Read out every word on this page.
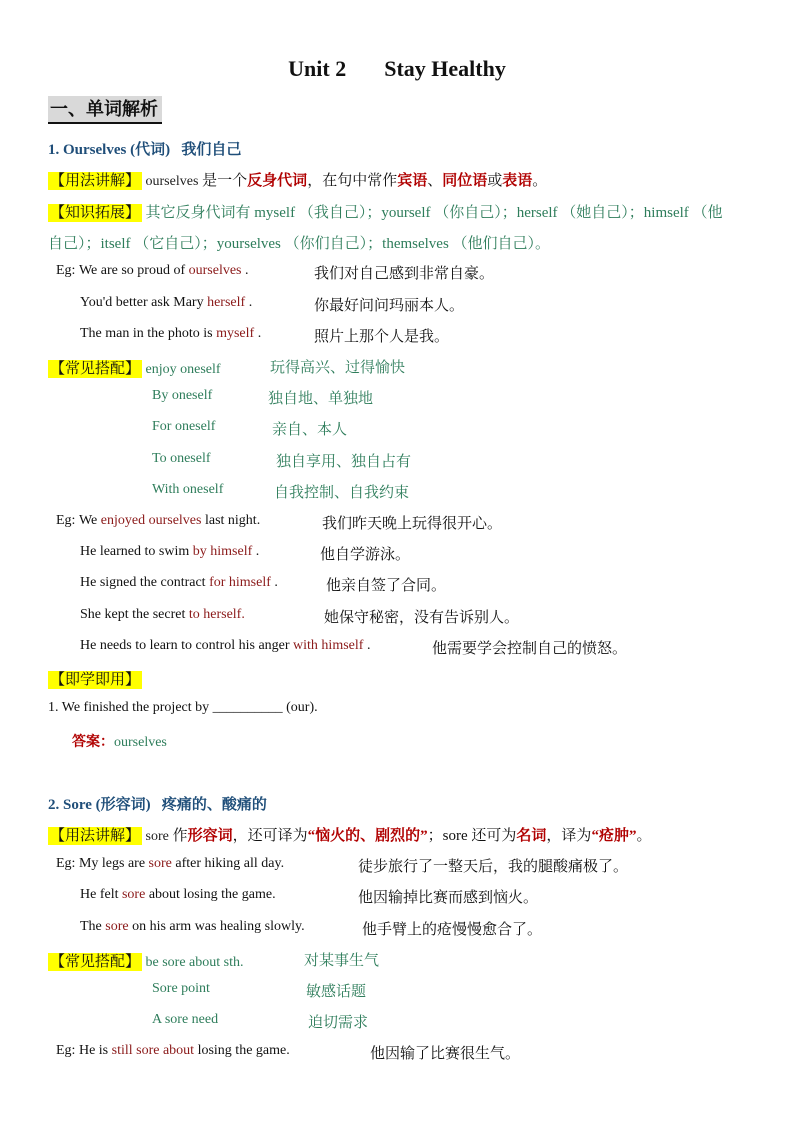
Unit 2 Stay Healthy
一、单词解析
1. Ourselves (代词) 我们自己
【用法讲解】 ourselves 是一个反身代词，在句中常作宾语、同位语或表语。
【知识拓展】 其它反身代词有 myself （我自己）；yourself （你自己）；herself （她自己）；himself （他
自己）；itself （它自己）；yourselves （你们自己）；themselves （他们自己）。
Eg: We are so proud of ourselves .	我们对自己感到非常自豪。
You'd better ask Mary herself .	你最好问问玛丽本人。
The man in the photo is myself .	照片上那个人是我。
【常见搭配】 enjoy oneself	玩得高兴、过得愉快
By oneself	独自地、单独地
For oneself	亲自、本人
To oneself	独自享用、独自占有
With oneself	自我控制、自我约束
Eg: We enjoyed ourselves last night.	我们昨天晚上玩得很开心。
He learned to swim by himself .	他自学游泳。
He signed the contract for himself .	他亲自签了合同。
She kept the secret to herself.	她保守秘密，没有告诉别人。
He needs to learn to control his anger with himself .	他需要学会控制自己的愤怒。
【即学即用】
1. We finished the project by __________ (our).
答案：ourselves
2. Sore (形容词) 疼痛的、酸痛的
【用法讲解】 sore 作形容词，还可译为“恼火的、剧烈的”；sore 还可为名词，译为“疮肿”。
Eg: My legs are sore after hiking all day.	徒步旅行了一整天后，我的腿酸痛极了。
He felt sore about losing the game.	他因输掉比赛而感到恼火。
The sore on his arm was healing slowly.	他手臂上的疮慢慢愈合了。
【常见搭配】 be sore about sth.	对某事生气
Sore point	敏感话题
A sore need	迫切需求
Eg: He is still sore about losing the game.	他因输了比赛很生气。
